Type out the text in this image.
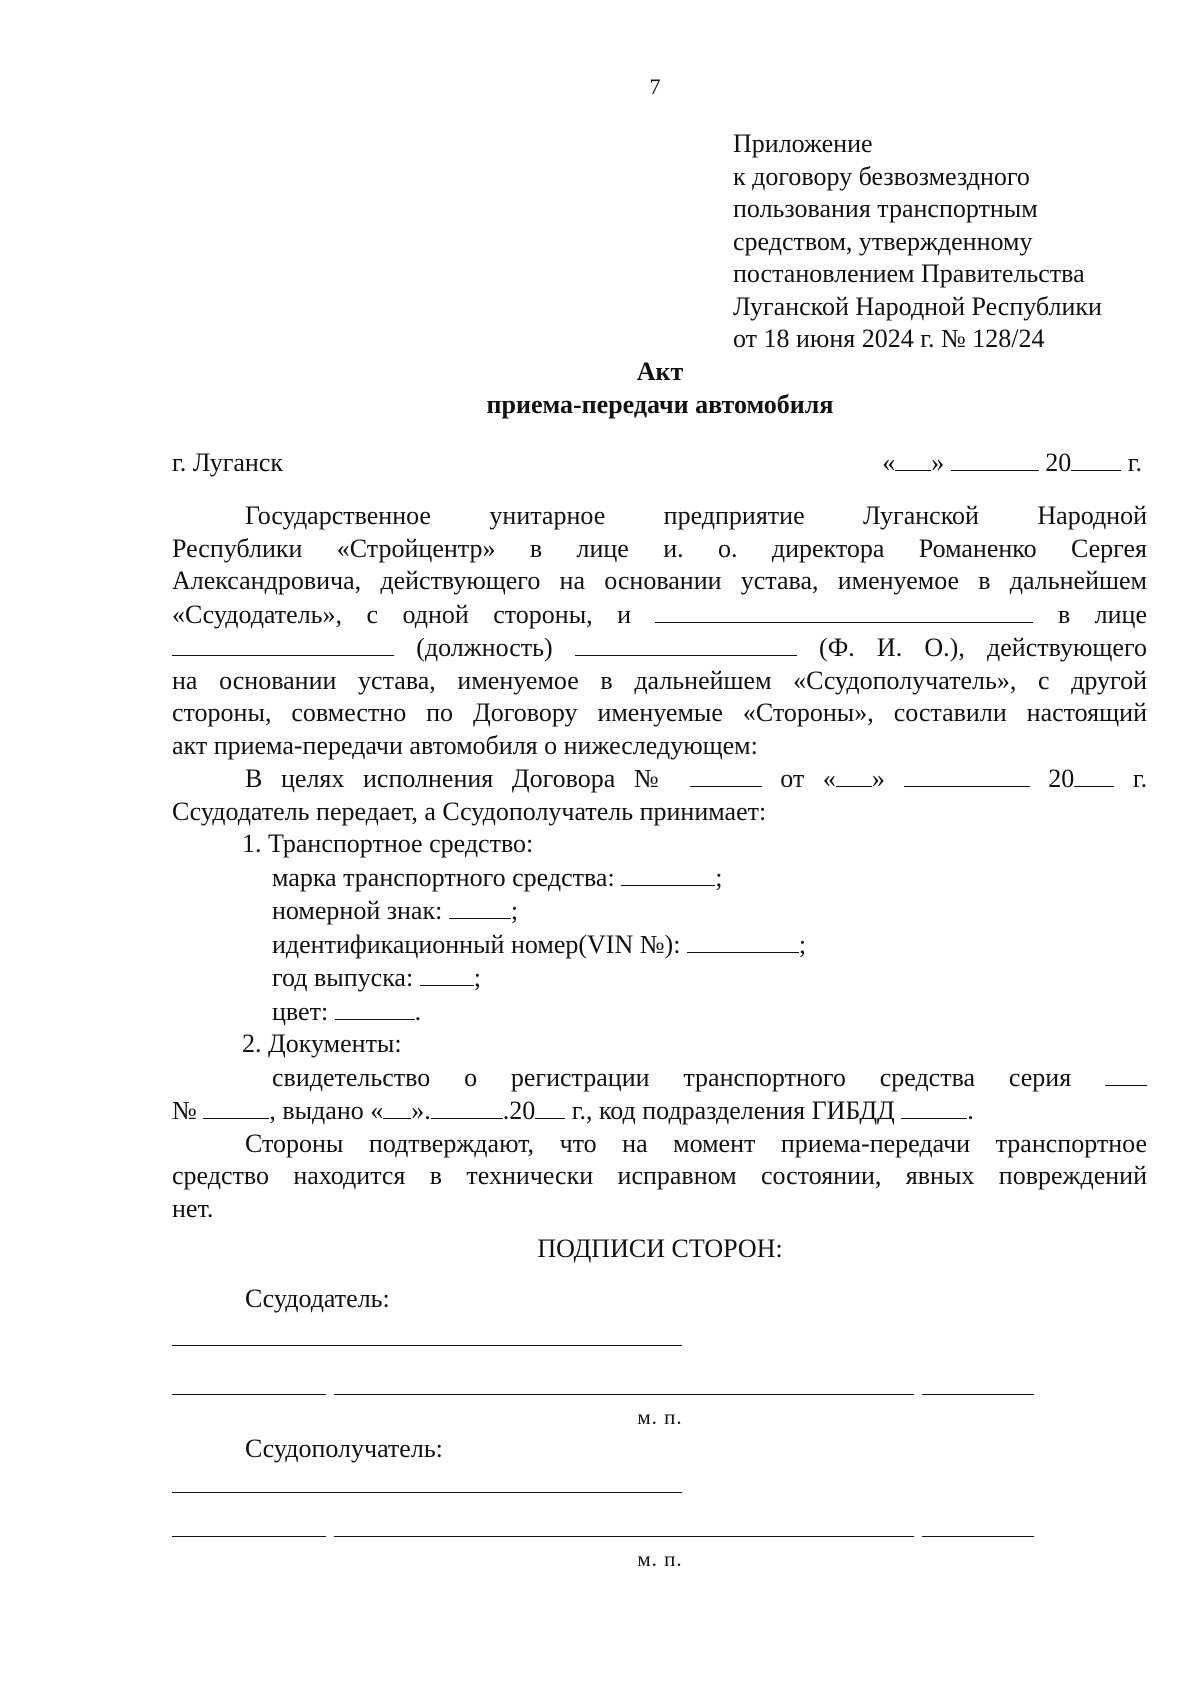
7
Приложение
к договору безвозмездного
пользования транспортным
средством, утвержденному
постановлением Правительства
Луганской Народной Республики
от 18 июня 2024 г. № 128/24
Акт
приема-передачи автомобиля
г. Луганск	« »	20 г.
Государственное унитарное предприятие Луганской Народной
Республики «Стройцентр» в лице и. о. директора Романенко Сергея
Александровича, действующего на основании устава, именуемое в дальнейшем
«Ссудодатель», с одной стороны, и	в лице
(должность)	(Ф. И. О.), действующего
на основании устава, именуемое в дальнейшем «Ссудополучатель», с другой
стороны, совместно по Договору именуемые «Стороны», составили настоящий
акт приема-передачи автомобиля о нижеследующем:
В целях исполнения Договора №	от « »	20 г.
Ссудодатель передает, а Ссудополучатель принимает:
1. Транспортное средство:
марка транспортного средства:	;
номерной знак:	;
идентификационный номер(VIN №):	;
год выпуска: ;
цвет:	.
2. Документы:
свидетельство о регистрации транспортного средства серия
№	, выдано « ».	.20 г., код подразделения ГИБДД	.
Стороны подтверждают, что на момент приема-передачи транспортное
средство находится в технически исправном состоянии, явных повреждений
нет.
ПОДПИСИ СТОРОН:
Ссудодатель:
м. п.
Ссудополучатель:
м. п.
